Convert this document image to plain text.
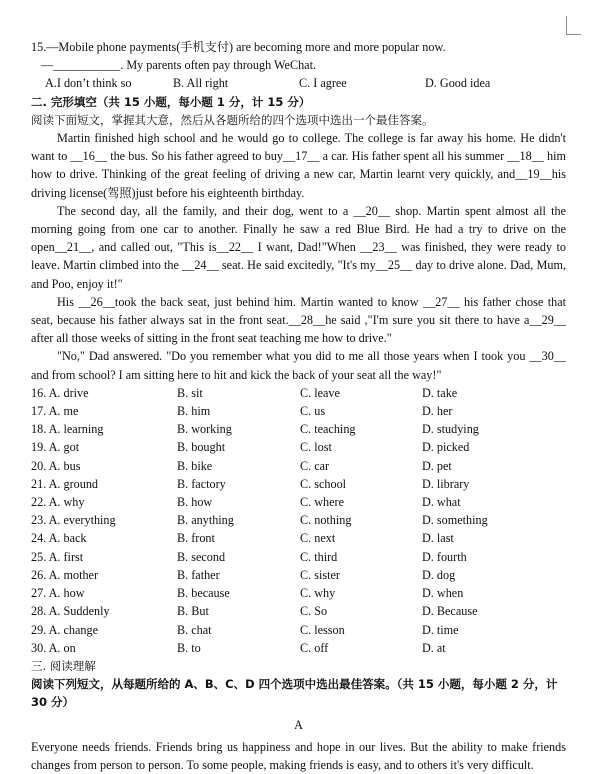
15.—Mobile phone payments(手机支付) are becoming more and more popular now.

—___________. My parents often pay through WeChat.

A.I don’t think so	B. All right	C. I agree	D. Good idea

二. 完形填空（共 15 小题，每小题 1 分，计 15 分）

阅读下面短文，掌握其大意，然后从各题所给的四个选项中选出一个最佳答案。

Martin finished high school and he would go to college. The college is far away his home. He didn't want to __16__ the bus. So his father agreed to buy__17__ a car. His father spent all his summer __18__ him how to drive. Thinking of the great feeling of driving a new car, Martin learnt very quickly, and__19__his driving license(驾照)just before his eighteenth birthday.

The second day, all the family, and their dog, went to a __20__ shop. Martin spent almost all the morning going from one car to another. Finally he saw a red Blue Bird. He had a try to drive on the open__21__, and called out, "This is__22__ I want, Dad!"When __23__ was finished, they were ready to leave. Martin climbed into the __24__ seat. He said excitedly, "It's my__25__ day to drive alone. Dad, Mum, and Poo, enjoy it!"

His __26__took the back seat, just behind him. Martin wanted to know __27__ his father chose that seat, because his father always sat in the front seat.__28__he said ,"I'm sure you sit there to have a__29__ after all those weeks of sitting in the front seat teaching me how to drive."

"No," Dad answered. "Do you remember what you did to me all those years when I took you __30__ and from school? I am sitting here to hit and kick the back of your seat all the way!"

16. A. drive	B. sit	C. leave	D. take
17. A. me	B. him	C. us	D. her
18. A. learning	B. working	C. teaching	D. studying
19. A. got	B. bought	C. lost	D. picked
20. A. bus	B. bike	C. car	D. pet
21. A. ground	B. factory	C. school	D. library
22. A. why	B. how	C. where	D. what
23. A. everything	B. anything	C. nothing	D. something
24. A. back	B. front	C. next	D. last
25. A. first	B. second	C. third	D. fourth
26. A. mother	B. father	C. sister	D. dog
27. A. how	B. because	C. why	D. when
28. A. Suddenly	B. But	C. So	D. Because
29. A. change	B. chat	C. lesson	D. time
30. A. on	B. to	C. off	D. at

三. 阅读理解

阅读下列短文，从每题所给的 A、B、C、D 四个选项中选出最佳答案。（共 15 小题，每小题 2 分，计 30 分）

A

Everyone needs friends. Friends bring us happiness and hope in our lives. But the ability to make friends changes from person to person. To some people, making friends is easy, and to others it's very difficult.
